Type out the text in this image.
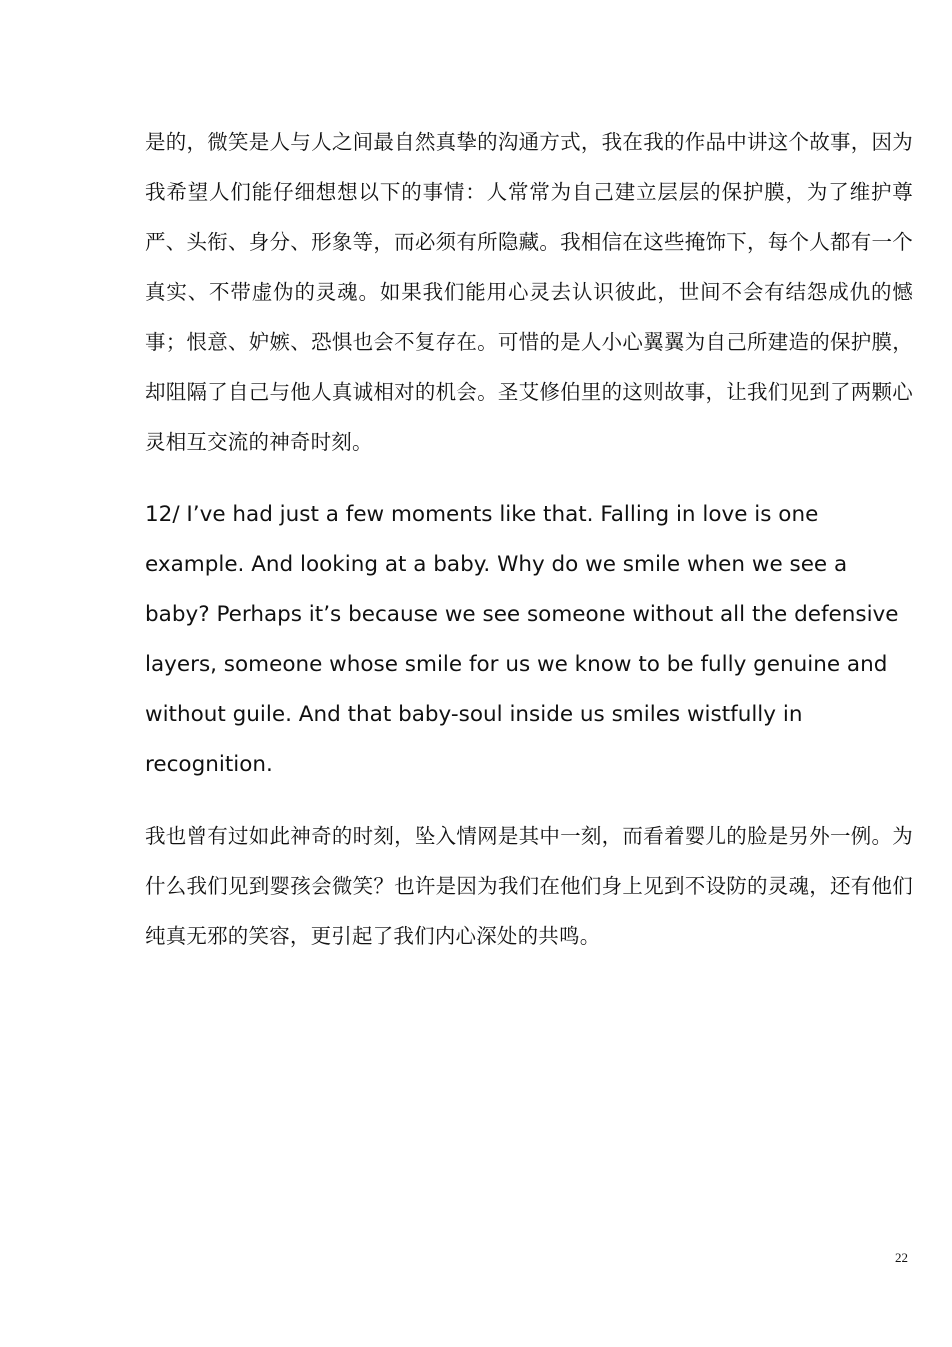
是的，微笑是人与人之间最自然真挚的沟通方式，我在我的作品中讲这个故事，因为我希望人们能仔细想想以下的事情：人常常为自己建立层层的保护膜，为了维护尊严、头衔、身分、形象等，而必须有所隐藏。我相信在这些掩饰下，每个人都有一个真实、不带虚伪的灵魂。如果我们能用心灵去认识彼此，世间不会有结怨成仇的憾事；恨意、妒嫉、恐惧也会不复存在。可惜的是人小心翼翼为自己所建造的保护膜，却阻隔了自己与他人真诚相对的机会。圣艾修伯里的这则故事，让我们见到了两颗心灵相互交流的神奇时刻。

12/ I’ve had just a few moments like that. Falling in love is one example. And looking at a baby. Why do we smile when we see a baby? Perhaps it’s because we see someone without all the defensive layers, someone whose smile for us we know to be fully genuine and without guile. And that baby-soul inside us smiles wistfully in recognition.

我也曾有过如此神奇的时刻，坠入情网是其中一刻，而看着婴儿的脸是另外一例。为什么我们见到婴孩会微笑？也许是因为我们在他们身上见到不设防的灵魂，还有他们纯真无邪的笑容，更引起了我们内心深处的共鸣。

22
